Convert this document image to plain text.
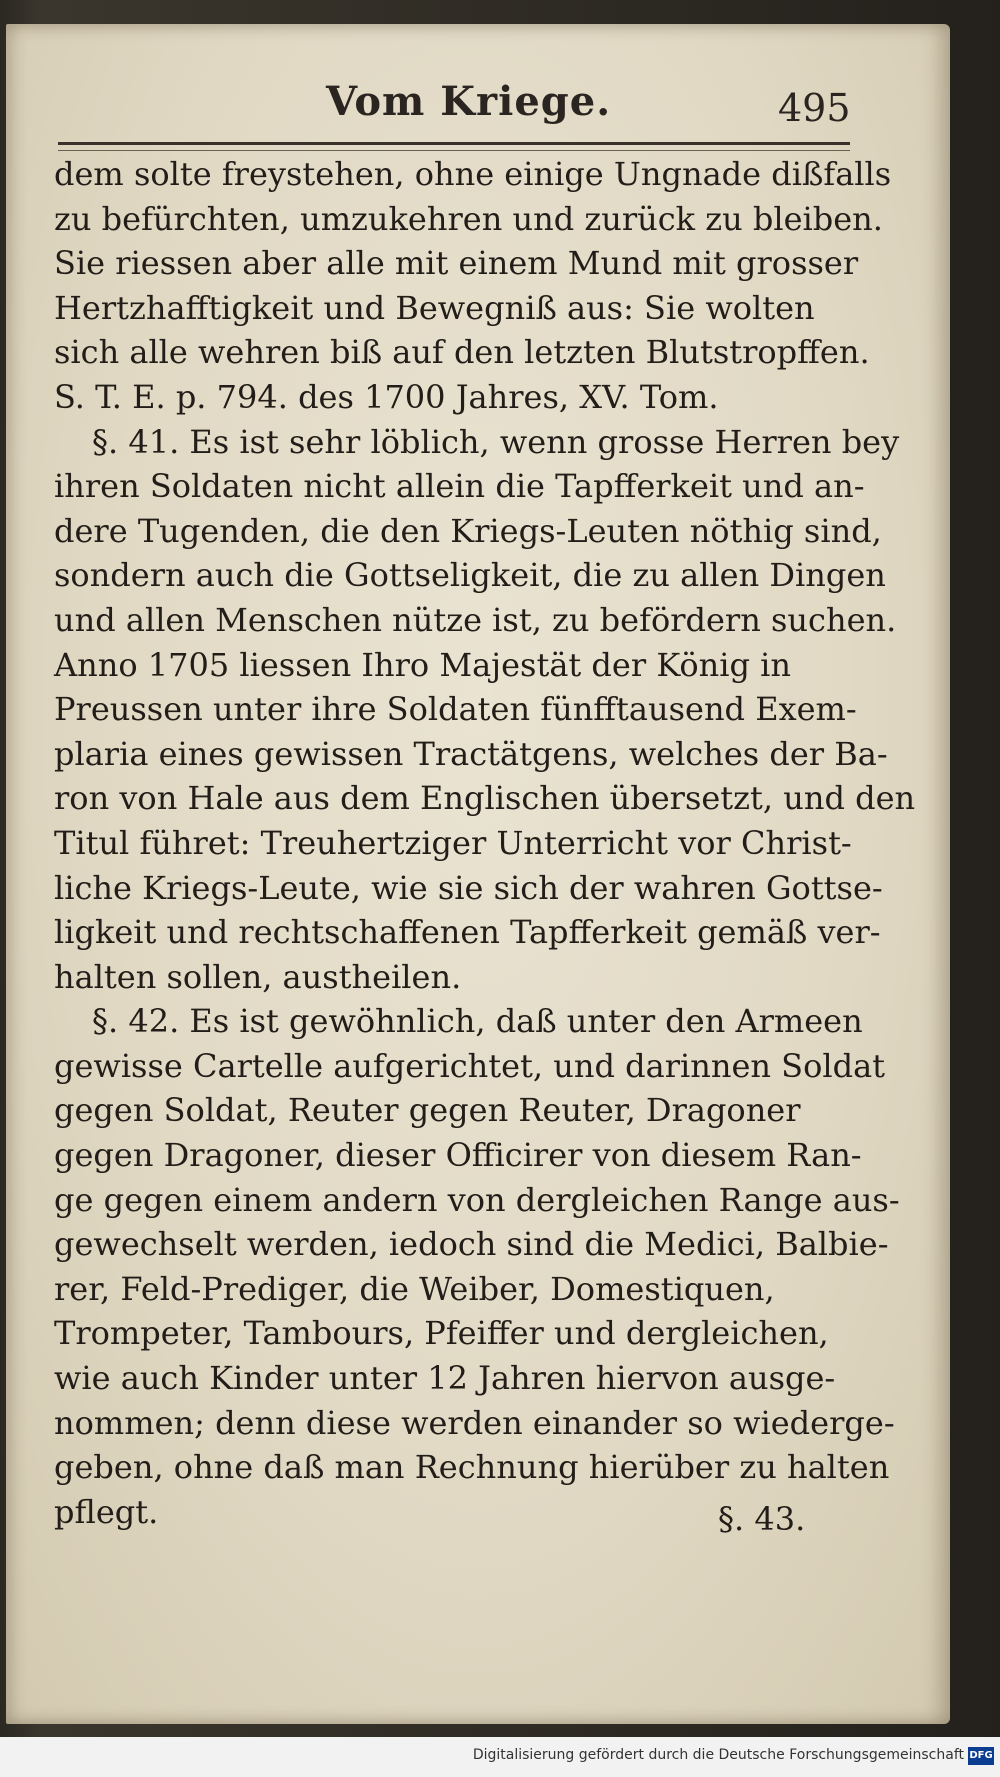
Vom Kriege.	495
dem solte freystehen, ohne einige Ungnade dißfalls
zu befürchten, umzukehren und zurück zu bleiben.
Sie riessen aber alle mit einem Mund mit grosser
Hertzhafftigkeit und Bewegniß aus: Sie wolten
sich alle wehren biß auf den letzten Blutstropffen.
S. T. E. p. 794. des 1700 Jahres, XV. Tom.
§. 41. Es ist sehr löblich, wenn grosse Herren bey
ihren Soldaten nicht allein die Tapfferkeit und an-
dere Tugenden, die den Kriegs-Leuten nöthig sind,
sondern auch die Gottseligkeit, die zu allen Dingen
und allen Menschen nütze ist, zu befördern suchen.
Anno 1705 liessen Ihro Majestät der König in
Preussen unter ihre Soldaten fünfftausend Exem-
plaria eines gewissen Tractätgens, welches der Ba-
ron von Hale aus dem Englischen übersetzt, und den
Titul führet: Treuhertziger Unterricht vor Christ-
liche Kriegs-Leute, wie sie sich der wahren Gottse-
ligkeit und rechtschaffenen Tapfferkeit gemäß ver-
halten sollen, austheilen.
§. 42. Es ist gewöhnlich, daß unter den Armeen
gewisse Cartelle aufgerichtet, und darinnen Soldat
gegen Soldat, Reuter gegen Reuter, Dragoner
gegen Dragoner, dieser Officirer von diesem Ran-
ge gegen einem andern von dergleichen Range aus-
gewechselt werden, iedoch sind die Medici, Balbie-
rer, Feld-Prediger, die Weiber, Domestiquen,
Trompeter, Tambours, Pfeiffer und dergleichen,
wie auch Kinder unter 12 Jahren hiervon ausge-
nommen; denn diese werden einander so wiederge-
geben, ohne daß man Rechnung hierüber zu halten
pflegt.	§. 43.
Digitalisierung gefördert durch die Deutsche Forschungsgemeinschaft DFG
